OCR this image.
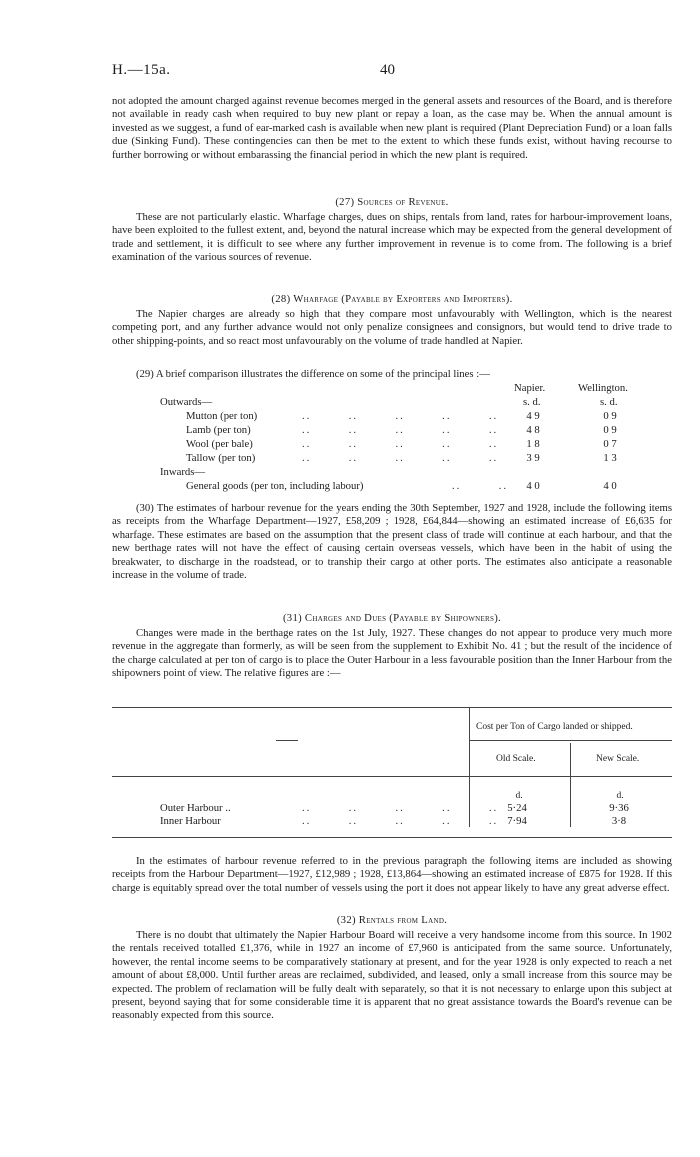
H.—15a.	40

not adopted the amount charged against revenue becomes merged in the general assets and resources of the Board, and is therefore not available in ready cash when required to buy new plant or repay a loan, as the case may be. When the annual amount is invested as we suggest, a fund of ear-marked cash is available when new plant is required (Plant Depreciation Fund) or a loan falls due (Sinking Fund). These contingencies can then be met to the extent to which these funds exist, without having recourse to further borrowing or without embarassing the financial period in which the new plant is required.

(27) Sources of Revenue.

These are not particularly elastic. Wharfage charges, dues on ships, rentals from land, rates for harbour-improvement loans, have been exploited to the fullest extent, and, beyond the natural increase which may be expected from the general development of trade and settlement, it is difficult to see where any further improvement in revenue is to come from. The following is a brief examination of the various sources of revenue.

(28) Wharfage (Payable by Exporters and Importers).

The Napier charges are already so high that they compare most unfavourably with Wellington, which is the nearest competing port, and any further advance would not only penalize consignees and consignors, but would tend to drive trade to other shipping-points, and so react most unfavourably on the volume of trade handled at Napier.

(29) A brief comparison illustrates the difference on some of the principal lines :—
Napier.	Wellington.
Outwards—	s. d.	s. d.
Mutton (per ton)	..        ..        ..        ..        ..	4 9	0 9
Lamb (per ton)	..        ..        ..        ..        ..	4 8	0 9
Wool (per bale)	..        ..        ..        ..        ..	1 8	0 7
Tallow (per ton)	..        ..        ..        ..        ..	3 9	1 3
Inwards—
General goods (per ton, including labour)	..        ..	4 0	4 0

(30) The estimates of harbour revenue for the years ending the 30th September, 1927 and 1928, include the following items as receipts from the Wharfage Department—1927, £58,209 ; 1928, £64,844—showing an estimated increase of £6,635 for wharfage. These estimates are based on the assumption that the present class of trade will continue at each harbour, and that the new berthage rates will not have the effect of causing certain overseas vessels, which have been in the habit of using the breakwater, to discharge in the roadstead, or to tranship their cargo at other ports. The estimates also anticipate a reasonable increase in the volume of trade.

(31) Charges and Dues (Payable by Shipowners).

Changes were made in the berthage rates on the 1st July, 1927. These changes do not appear to produce very much more revenue in the aggregate than formerly, as will be seen from the supplement to Exhibit No. 41 ; but the result of the incidence of the charge calculated at per ton of cargo is to place the Outer Harbour in a less favourable position than the Inner Harbour from the shipowners point of view. The relative figures are :—

Cost per Ton of Cargo landed or shipped.
Old Scale.	New Scale.
d.	d.
Outer Harbour ..	..        ..        ..        ..        .. 5·24	9·36
Inner Harbour	..        ..        ..        ..        .. 7·94	3·8

In the estimates of harbour revenue referred to in the previous paragraph the following items are included as showing receipts from the Harbour Department—1927, £12,989 ; 1928, £13,864—showing an estimated increase of £875 for 1928. If this charge is equitably spread over the total number of vessels using the port it does not appear likely to have any great adverse effect.

(32) Rentals from Land.

There is no doubt that ultimately the Napier Harbour Board will receive a very handsome income from this source. In 1902 the rentals received totalled £1,376, while in 1927 an income of £7,960 is anticipated from the same source. Unfortunately, however, the rental income seems to be comparatively stationary at present, and for the year 1928 is only expected to reach a net amount of about £8,000. Until further areas are reclaimed, subdivided, and leased, only a small increase from this source may be expected. The problem of reclamation will be fully dealt with separately, so that it is not necessary to enlarge upon this subject at present, beyond saying that for some considerable time it is apparent that no great assistance towards the Board's revenue can be reasonably expected from this source.
